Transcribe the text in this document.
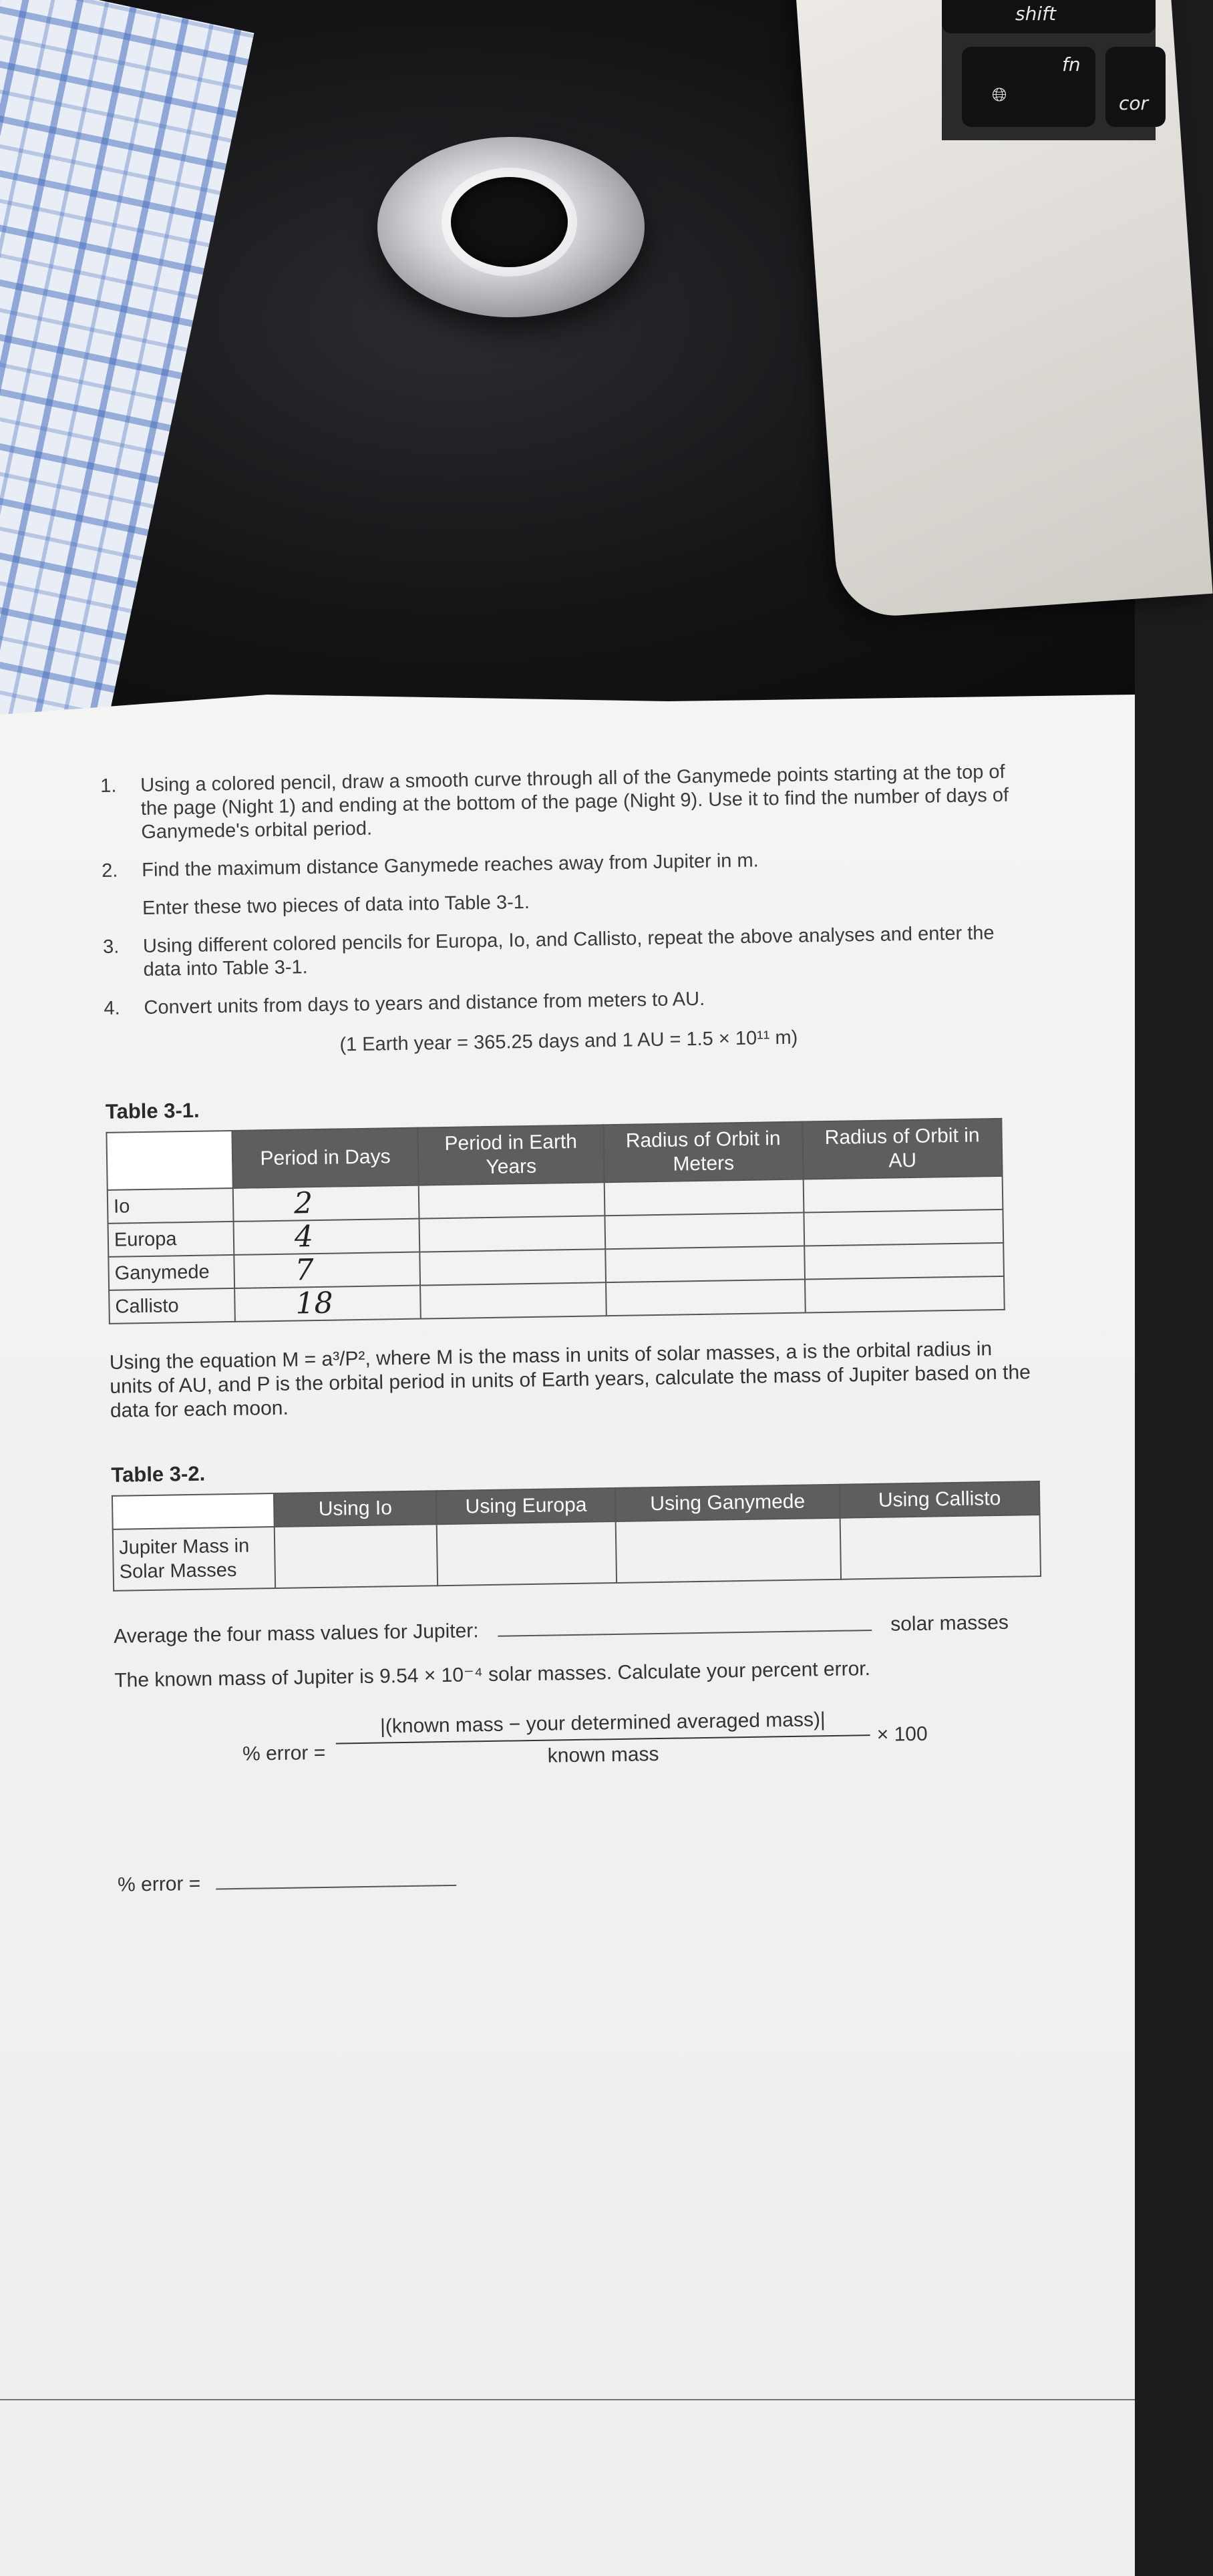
shift
fn
🌐︎	cor
1. Using a colored pencil, draw a smooth curve through all of the Ganymede points starting at the top of the page (Night 1) and ending at the bottom of the page (Night 9). Use it to find the number of days of Ganymede's orbital period.
2. Find the maximum distance Ganymede reaches away from Jupiter in m.
Enter these two pieces of data into Table 3-1.
3. Using different colored pencils for Europa, Io, and Callisto, repeat the above analyses and enter the data into Table 3-1.
4. Convert units from days to years and distance from meters to AU.
(1 Earth year = 365.25 days and 1 AU = 1.5 × 10¹¹ m)
Table 3-1.
	Period in Days	Period in Earth Years	Radius of Orbit in Meters	Radius of Orbit in AU
Io	2			
Europa	4			
Ganymede	7			
Callisto	18			
Using the equation M = a³/P², where M is the mass in units of solar masses, a is the orbital radius in units of AU, and P is the orbital period in units of Earth years, calculate the mass of Jupiter based on the data for each moon.
Table 3-2.
	Using Io	Using Europa	Using Ganymede	Using Callisto
Jupiter Mass in Solar Masses				
Average the four mass values for Jupiter:	solar masses
The known mass of Jupiter is 9.54 × 10⁻⁴ solar masses. Calculate your percent error.
% error =
|(known mass − your determined averaged mass)|
known mass
× 100
% error =
